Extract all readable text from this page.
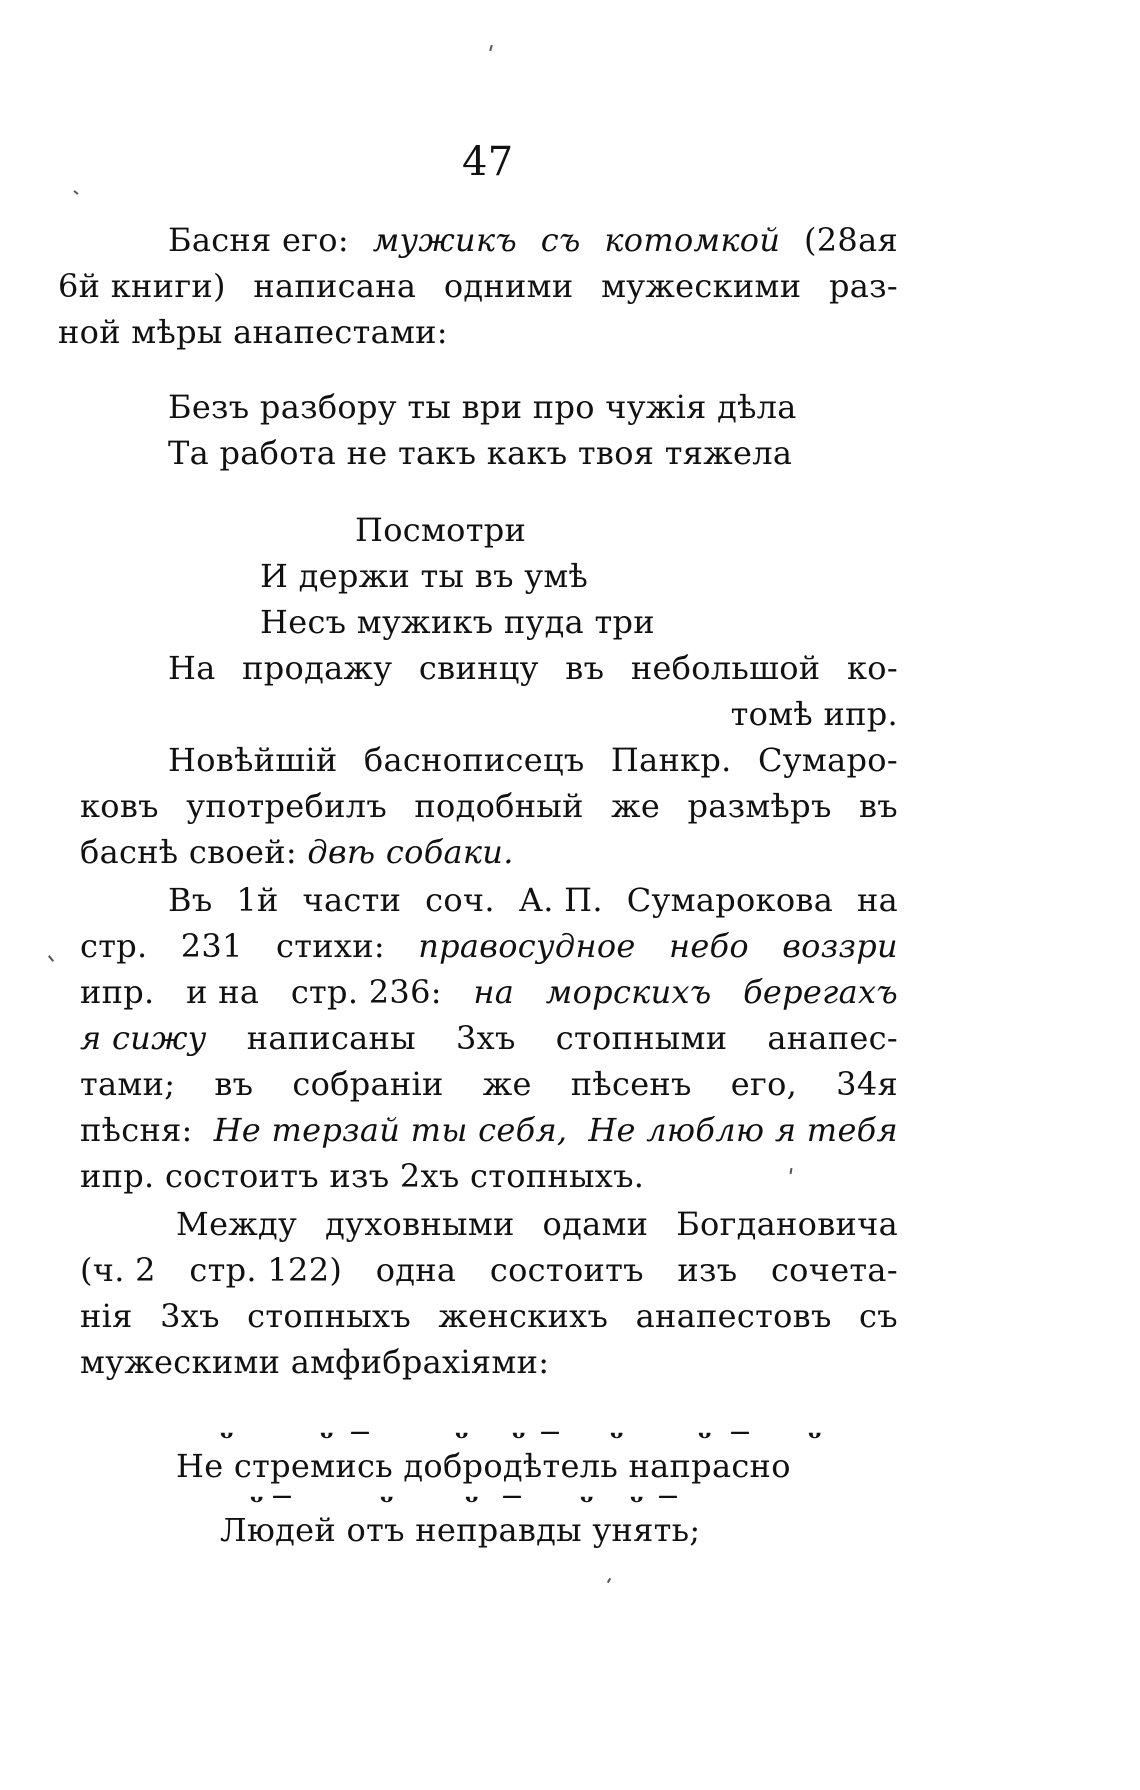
47
Басня его: мужикъ съ котомкой (28ая
6й книги) написана одними мужескими раз-
ной мѣры анапестами:
Безъ разбору ты ври про чужія дѣла
Та работа не такъ какъ твоя тяжела
Посмотри
И держи ты въ умѣ
Несъ мужикъ пуда три
На продажу свинцу въ небольшой ко-
томѣ ипр.
Новѣйшій баснописецъ Панкр. Сумаро-
ковъ употребилъ подобный же размѣръ въ
баснѣ своей: двѣ собаки.
Въ 1й части соч. А. П. Сумарокова на
стр. 231 стихи: правосудное небо воззри
ипр. и на стр. 236: на морскихъ берегахъ
я сижу написаны 3хъ стопными анапес-
тами; въ собраніи же пѣсенъ его, 34я
пѣсня: Не терзай ты себя, Не люблю я тебя
ипр. состоитъ изъ 2хъ стопныхъ.
Между духовными одами Богдановича
(ч. 2 стр. 122) одна состоитъ изъ сочета-
нія 3хъ стопныхъ женскихъ анапестовъ съ
мужескими амфибрахіями:
ᴗ	ᴗ —	ᴗ ᴗ —	ᴗ	ᴗ —	ᴗ
Не стремись добродѣтель напрасно
ᴗ —	ᴗ	ᴗ —	ᴗ ᴗ —
Людей отъ неправды унять;
